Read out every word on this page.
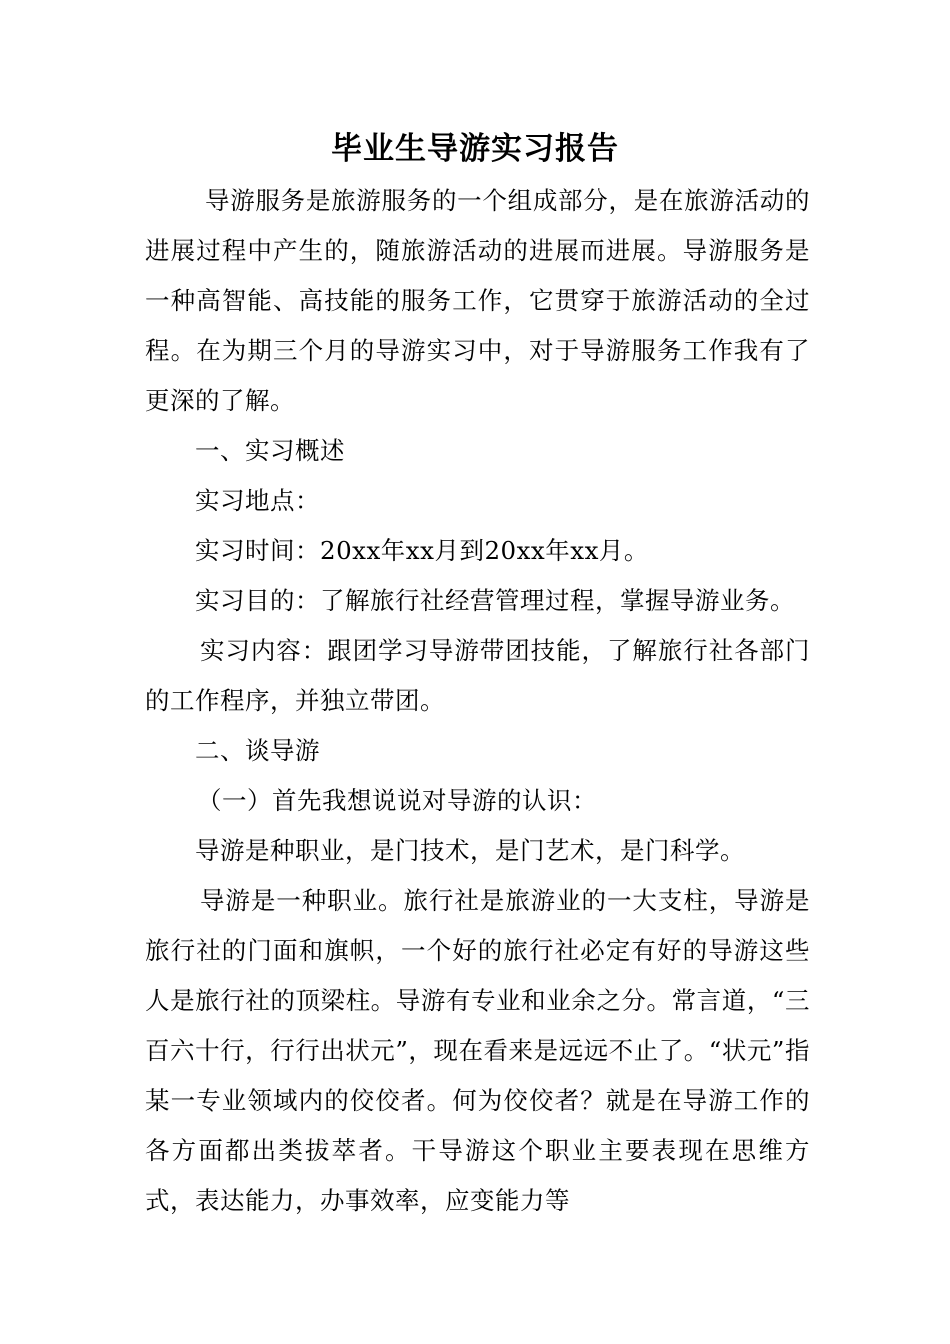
毕业生导游实习报告

导游服务是旅游服务的一个组成部分，是在旅游活动的进展过程中产生的，随旅游活动的进展而进展。导游服务是一种高智能、高技能的服务工作，它贯穿于旅游活动的全过程。在为期三个月的导游实习中，对于导游服务工作我有了更深的了解。

一、实习概述

实习地点：

实习时间：20xx年xx月到20xx年xx月。

实习目的：了解旅行社经营管理过程，掌握导游业务。

实习内容：跟团学习导游带团技能，了解旅行社各部门的工作程序，并独立带团。

二、谈导游

（一）首先我想说说对导游的认识：

导游是种职业，是门技术，是门艺术，是门科学。

导游是一种职业。旅行社是旅游业的一大支柱，导游是旅行社的门面和旗帜，一个好的旅行社必定有好的导游这些人是旅行社的顶梁柱。导游有专业和业余之分。常言道，“三百六十行，行行出状元”，现在看来是远远不止了。“状元”指某一专业领域内的佼佼者。何为佼佼者？就是在导游工作的各方面都出类拔萃者。干导游这个职业主要表现在思维方式，表达能力，办事效率，应变能力等
